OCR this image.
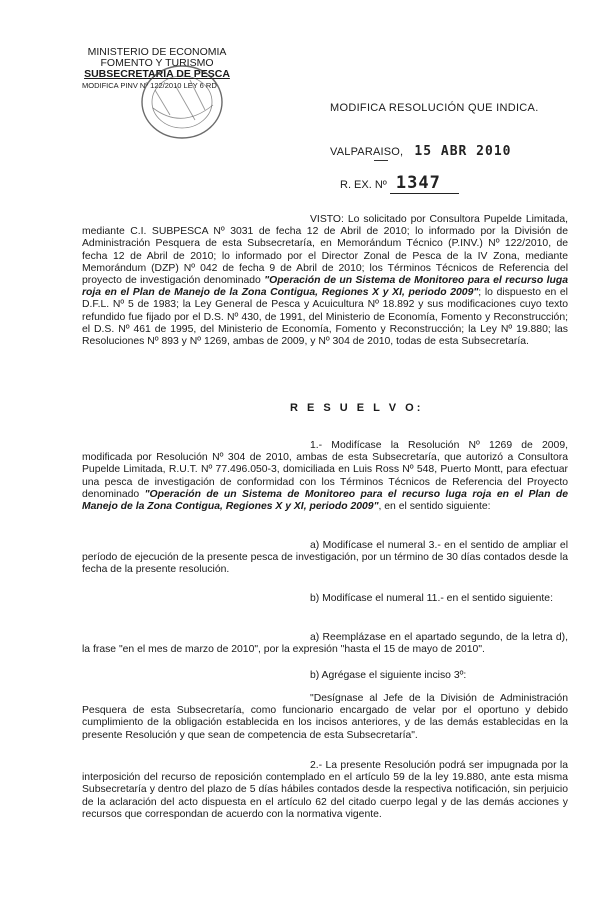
MINISTERIO DE ECONOMIA
FOMENTO Y TURISMO
SUBSECRETARIA DE PESCA
MODIFICA PINV Nº 122/2010 LEY 6 RD
MODIFICA RESOLUCIÓN QUE INDICA.
VALPARAISO, 15 ABR 2010
R. EX. Nº 1347
VISTO: Lo solicitado por Consultora Pupelde Limitada, mediante C.I. SUBPESCA Nº 3031 de fecha 12 de Abril de 2010; lo informado por la División de Administración Pesquera de esta Subsecretaría, en Memorándum Técnico (P.INV.) Nº 122/2010, de fecha 12 de Abril de 2010; lo informado por el Director Zonal de Pesca de la IV Zona, mediante Memorándum (DZP) Nº 042 de fecha 9 de Abril de 2010; los Términos Técnicos de Referencia del proyecto de investigación denominado "Operación de un Sistema de Monitoreo para el recurso luga roja en el Plan de Manejo de la Zona Contigua, Regiones X y XI, periodo 2009"; lo dispuesto en el D.F.L. Nº 5 de 1983; la Ley General de Pesca y Acuicultura Nº 18.892 y sus modificaciones cuyo texto refundido fue fijado por el D.S. Nº 430, de 1991, del Ministerio de Economía, Fomento y Reconstrucción; el D.S. Nº 461 de 1995, del Ministerio de Economía, Fomento y Reconstrucción; la Ley Nº 19.880; las Resoluciones Nº 893 y Nº 1269, ambas de 2009, y Nº 304 de 2010, todas de esta Subsecretaría.
R E S U E L V O:
1.- Modifícase la Resolución Nº 1269 de 2009, modificada por Resolución Nº 304 de 2010, ambas de esta Subsecretaría, que autorizó a Consultora Pupelde Limitada, R.U.T. Nº 77.496.050-3, domiciliada en Luis Ross Nº 548, Puerto Montt, para efectuar una pesca de investigación de conformidad con los Términos Técnicos de Referencia del Proyecto denominado "Operación de un Sistema de Monitoreo para el recurso luga roja en el Plan de Manejo de la Zona Contigua, Regiones X y XI, periodo 2009", en el sentido siguiente:
a) Modifícase el numeral 3.- en el sentido de ampliar el período de ejecución de la presente pesca de investigación, por un término de 30 días contados desde la fecha de la presente resolución.
b) Modifícase el numeral 11.- en el sentido siguiente:
a) Reemplázase en el apartado segundo, de la letra d), la frase "en el mes de marzo de 2010", por la expresión "hasta el 15 de mayo de 2010".
b) Agrégase el siguiente inciso 3º:
"Desígnase al Jefe de la División de Administración Pesquera de esta Subsecretaría, como funcionario encargado de velar por el oportuno y debido cumplimiento de la obligación establecida en los incisos anteriores, y de las demás establecidas en la presente Resolución y que sean de competencia de esta Subsecretaría".
2.- La presente Resolución podrá ser impugnada por la interposición del recurso de reposición contemplado en el artículo 59 de la ley 19.880, ante esta misma Subsecretaría y dentro del plazo de 5 días hábiles contados desde la respectiva notificación, sin perjuicio de la aclaración del acto dispuesta en el artículo 62 del citado cuerpo legal y de las demás acciones y recursos que correspondan de acuerdo con la normativa vigente.
